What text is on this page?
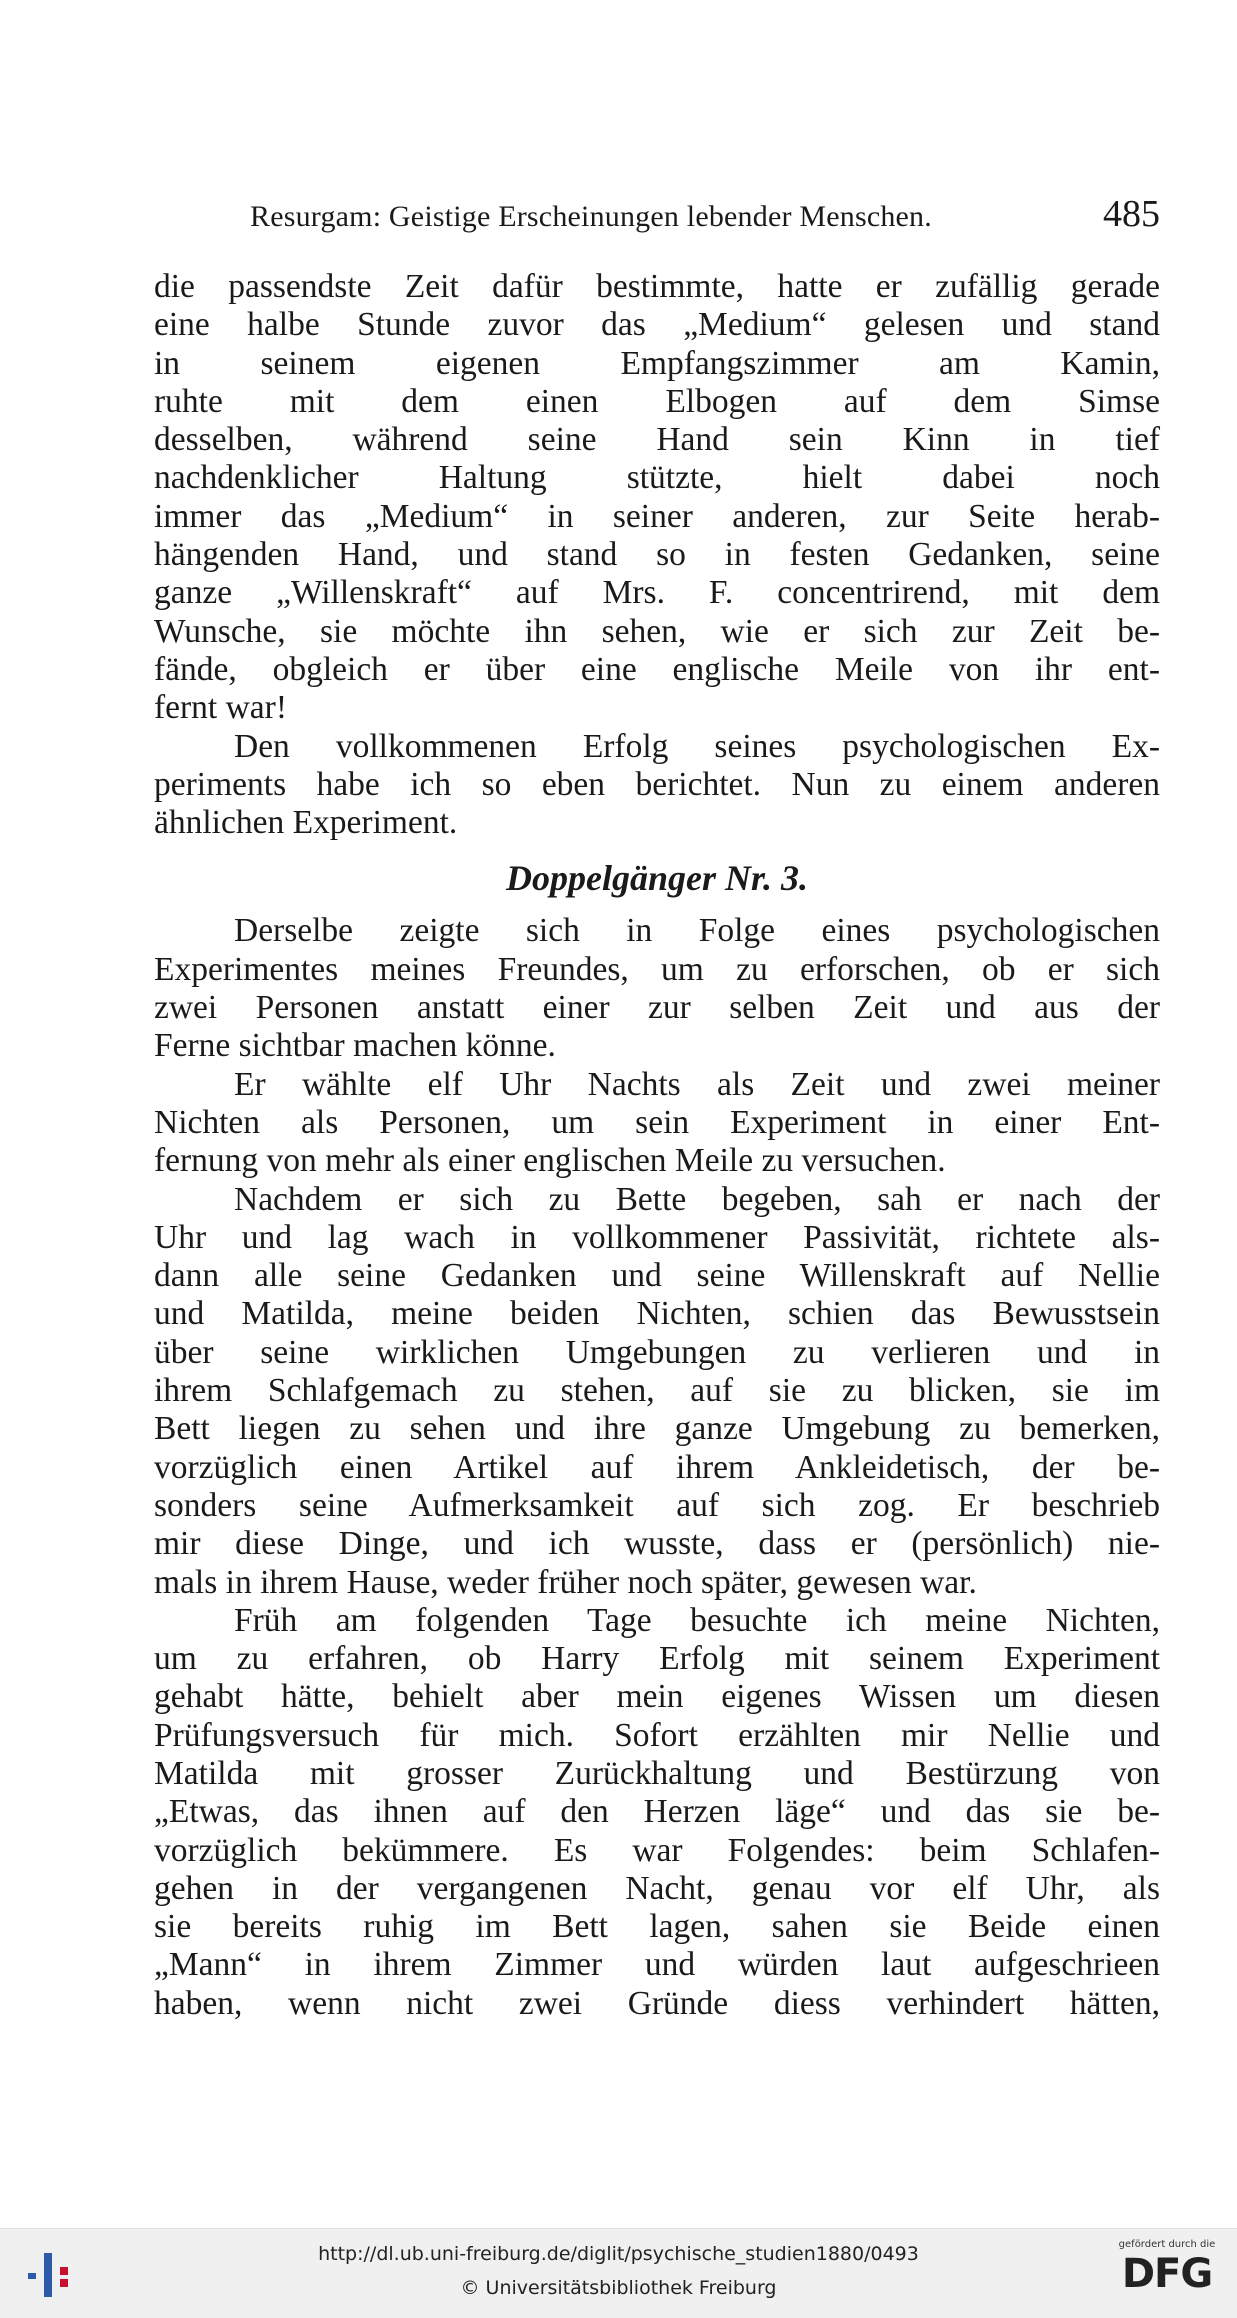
Resurgam: Geistige Erscheinungen lebender Menschen.	485
die passendste Zeit dafür bestimmte, hatte er zufällig gerade
eine halbe Stunde zuvor das „Medium“ gelesen und stand
in seinem eigenen Empfangszimmer am Kamin,
ruhte mit dem einen Elbogen auf dem Simse
desselben, während seine Hand sein Kinn in tief
nachdenklicher Haltung stützte, hielt dabei noch
immer das „Medium“ in seiner anderen, zur Seite herab-
hängenden Hand, und stand so in festen Gedanken, seine
ganze „Willenskraft“ auf Mrs. F. concentrirend, mit dem
Wunsche, sie möchte ihn sehen, wie er sich zur Zeit be-
fände, obgleich er über eine englische Meile von ihr ent-
fernt war!
Den vollkommenen Erfolg seines psychologischen Ex-
periments habe ich so eben berichtet. Nun zu einem anderen
ähnlichen Experiment.
Doppelgänger Nr. 3.
Derselbe zeigte sich in Folge eines psychologischen
Experimentes meines Freundes, um zu erforschen, ob er sich
zwei Personen anstatt einer zur selben Zeit und aus der
Ferne sichtbar machen könne.
Er wählte elf Uhr Nachts als Zeit und zwei meiner
Nichten als Personen, um sein Experiment in einer Ent-
fernung von mehr als einer englischen Meile zu versuchen.
Nachdem er sich zu Bette begeben, sah er nach der
Uhr und lag wach in vollkommener Passivität, richtete als-
dann alle seine Gedanken und seine Willenskraft auf Nellie
und Matilda, meine beiden Nichten, schien das Bewusstsein
über seine wirklichen Umgebungen zu verlieren und in
ihrem Schlafgemach zu stehen, auf sie zu blicken, sie im
Bett liegen zu sehen und ihre ganze Umgebung zu bemerken,
vorzüglich einen Artikel auf ihrem Ankleidetisch, der be-
sonders seine Aufmerksamkeit auf sich zog. Er beschrieb
mir diese Dinge, und ich wusste, dass er (persönlich) nie-
mals in ihrem Hause, weder früher noch später, gewesen war.
Früh am folgenden Tage besuchte ich meine Nichten,
um zu erfahren, ob Harry Erfolg mit seinem Experiment
gehabt hätte, behielt aber mein eigenes Wissen um diesen
Prüfungsversuch für mich. Sofort erzählten mir Nellie und
Matilda mit grosser Zurückhaltung und Bestürzung von
„Etwas, das ihnen auf den Herzen läge“ und das sie be-
vorzüglich bekümmere. Es war Folgendes: beim Schlafen-
gehen in der vergangenen Nacht, genau vor elf Uhr, als
sie bereits ruhig im Bett lagen, sahen sie Beide einen
„Mann“ in ihrem Zimmer und würden laut aufgeschrieen
haben, wenn nicht zwei Gründe diess verhindert hätten,
http://dl.ub.uni-freiburg.de/diglit/psychische_studien1880/0493
© Universitätsbibliothek Freiburg
gefördert durch die
DFG
